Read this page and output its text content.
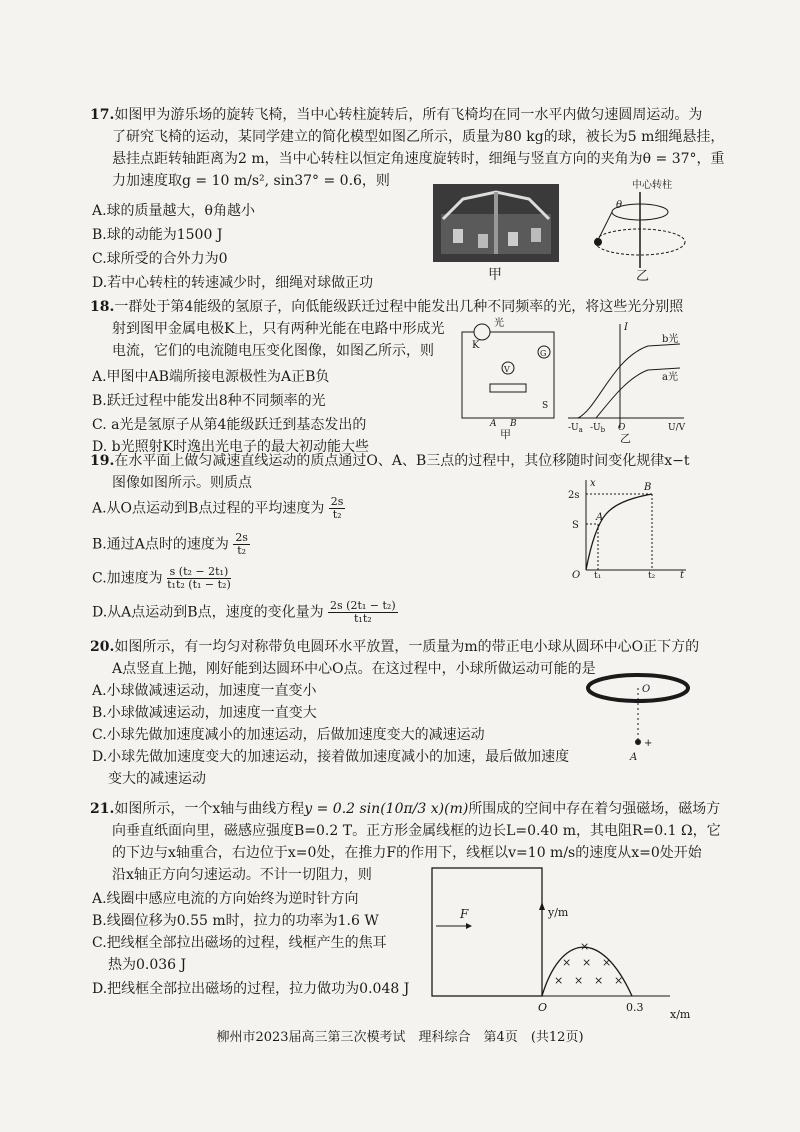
17.如图甲为游乐场的旋转飞椅，当中心转柱旋转后，所有飞椅均在同一水平内做匀速圆周运动。为
了研究飞椅的运动，某同学建立的简化模型如图乙所示，质量为80 kg的球，被长为5 m细绳悬挂，
悬挂点距转轴距离为2 m，当中心转柱以恒定角速度旋转时，细绳与竖直方向的夹角为θ = 37°，重
力加速度取g = 10 m/s², sin37° = 0.6，则
A.球的质量越大，θ角越小
B.球的动能为1500 J
C.球所受的合外力为0
D.若中心转柱的转速减少时，细绳对球做正功	甲
中心转柱
θ
乙
18.一群处于第4能级的氢原子，向低能级跃迁过程中能发出几种不同频率的光，将这些光分别照
射到图甲金属电极K上，只有两种光能在电路中形成光
电流，它们的电流随电压变化图像，如图乙所示，则
A.甲图中AB端所接电源极性为A正B负
B.跃迁过程中能发出8种不同频率的光
C. a光是氢原子从第4能级跃迁到基态发出的
D. b光照射K时逸出光电子的最大初动能大些
K
光
G
V
A B
S
甲
I
b光
a光
$-U_a$ $-U_b$ O	U/V
乙
19.在水平面上做匀减速直线运动的质点通过O、A、B三点的过程中，其位移随时间变化规律x−t
图像如图所示。则质点
A.从O点运动到B点过程的平均速度为 $\frac{2s}{\text{t₂}}$
B.通过A点时的速度为 $\frac{2s}{\text{t₂}}$
C.加速度为 $\frac{\text{s (t₂ − 2t₁)}}{\text{t₁t₂ (t₁ − t₂)}}$
D.从A点运动到B点，速度的变化量为 $\frac{\text{2s (2t₁ − t₂)}}{\text{t₁t₂}}$
x
2s
S
A
B
O t₁	t₂ t
20.如图所示，有一均匀对称带负电圆环水平放置，一质量为m的带正电小球从圆环中心O正下方的
A点竖直上抛，刚好能到达圆环中心O点。在这过程中，小球所做运动可能的是
A.小球做减速运动，加速度一直变小
B.小球做减速运动，加速度一直变大
C.小球先做加速度减小的加速运动，后做加速度变大的减速运动
D.小球先做加速度变大的加速运动，接着做加速度减小的加速，最后做加速度
变大的减速运动
O
+
A
21.如图所示，一个x轴与曲线方程y = 0.2 sin(10π/3 x)(m)所围成的空间中存在着匀强磁场，磁场方
向垂直纸面向里，磁感应强度B=0.2 T。正方形金属线框的边长L=0.40 m，其电阻R=0.1 Ω，它
的下边与x轴重合，右边位于x=0处，在推力F的作用下，线框以v=10 m/s的速度从x=0处开始
沿x轴正方向匀速运动。不计一切阻力，则
A.线圈中感应电流的方向始终为逆时针方向
B.线圈位移为0.55 m时，拉力的功率为1.6 W
C.把线框全部拉出磁场的过程，线框产生的焦耳
热为0.036 J
D.把线框全部拉出磁场的过程，拉力做功为0.048 J
F	y/m
×
× × ×
× × × ×
O	0.3
x/m
柳州市2023届高三第三次模考试　理科综合　第4页　(共12页)
